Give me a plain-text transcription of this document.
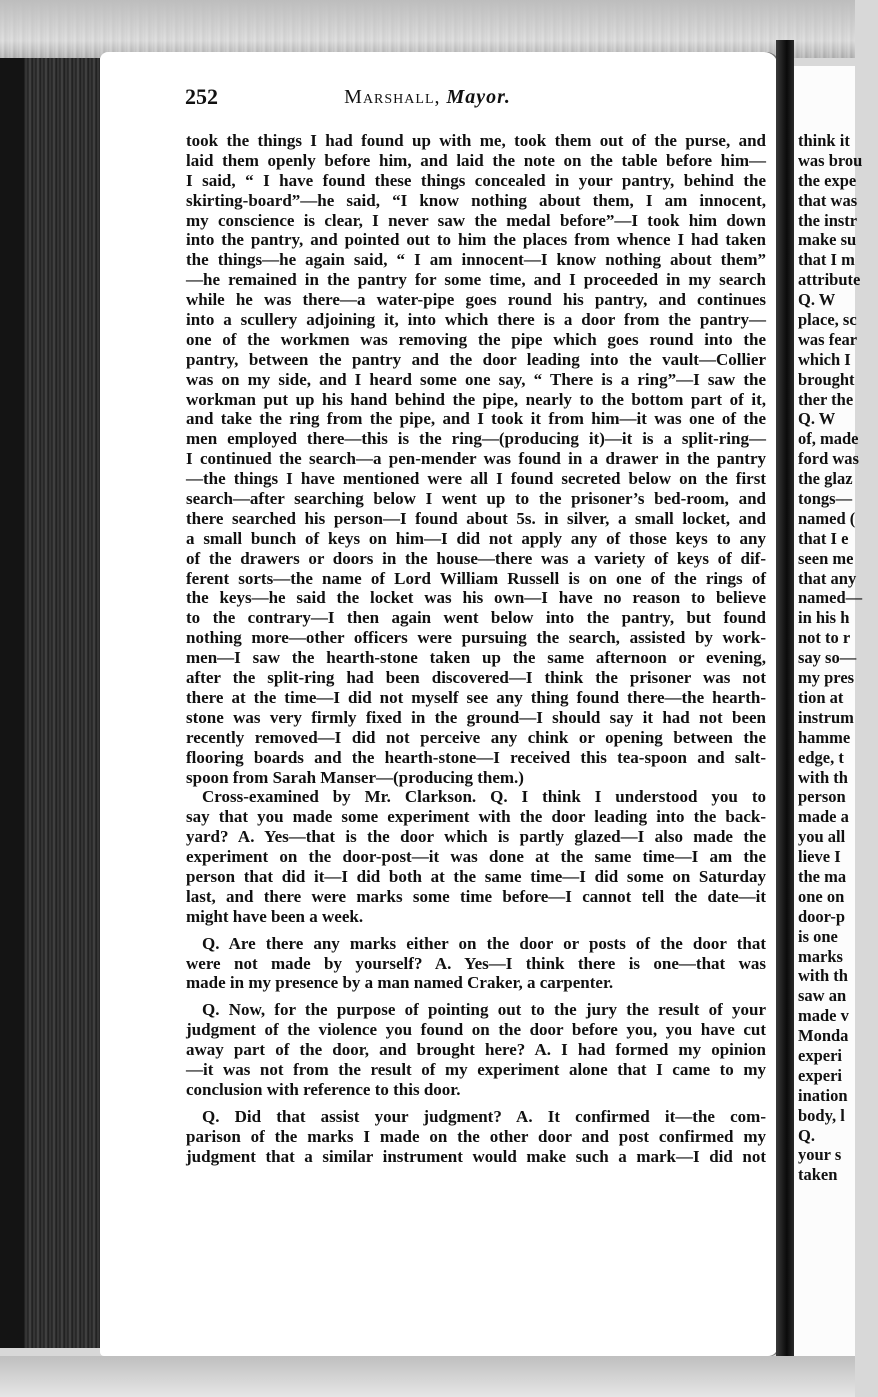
think it
was brou
the expe
that was
the instr
make su
that I m
attribute
Q. W
place, sc
was fear
which I
brought
ther the
Q. W
of, made
ford was
the glaz
tongs—
named (
that I e
seen me
that any
named—
in his h
not to r
say so—
my pres
tion at
instrum
hamme
edge, t
with th
person
made a
you all
lieve I
the ma
one on
door-p
is one
marks
with th
saw an
made v
Monda
experi
experi
ination
body, l
Q.
your s
taken
252	Marshall, Mayor.
took the things I had found up with me, took them out of the purse, and
laid them openly before him, and laid the note on the table before him—
I said, “ I have found these things concealed in your pantry, behind the
skirting-board”—he said, “I know nothing about them, I am innocent,
my conscience is clear, I never saw the medal before”—I took him down
into the pantry, and pointed out to him the places from whence I had taken
the things—he again said, “ I am innocent—I know nothing about them”
—he remained in the pantry for some time, and I proceeded in my search
while he was there—a water-pipe goes round his pantry, and continues
into a scullery adjoining it, into which there is a door from the pantry—
one of the workmen was removing the pipe which goes round into the
pantry, between the pantry and the door leading into the vault—Collier
was on my side, and I heard some one say, “ There is a ring”—I saw the
workman put up his hand behind the pipe, nearly to the bottom part of it,
and take the ring from the pipe, and I took it from him—it was one of the
men employed there—this is the ring—(producing it)—it is a split-ring—
I continued the search—a pen-mender was found in a drawer in the pantry
—the things I have mentioned were all I found secreted below on the first
search—after searching below I went up to the prisoner’s bed-room, and
there searched his person—I found about 5s. in silver, a small locket, and
a small bunch of keys on him—I did not apply any of those keys to any
of the drawers or doors in the house—there was a variety of keys of dif-
ferent sorts—the name of Lord William Russell is on one of the rings of
the keys—he said the locket was his own—I have no reason to believe
to the contrary—I then again went below into the pantry, but found
nothing more—other officers were pursuing the search, assisted by work-
men—I saw the hearth-stone taken up the same afternoon or evening,
after the split-ring had been discovered—I think the prisoner was not
there at the time—I did not myself see any thing found there—the hearth-
stone was very firmly fixed in the ground—I should say it had not been
recently removed—I did not perceive any chink or opening between the
flooring boards and the hearth-stone—I received this tea-spoon and salt-
spoon from Sarah Manser—(producing them.)
Cross-examined by Mr. Clarkson. Q. I think I understood you to
say that you made some experiment with the door leading into the back-
yard? A. Yes—that is the door which is partly glazed—I also made the
experiment on the door-post—it was done at the same time—I am the
person that did it—I did both at the same time—I did some on Saturday
last, and there were marks some time before—I cannot tell the date—it
might have been a week.
Q. Are there any marks either on the door or posts of the door that
were not made by yourself? A. Yes—I think there is one—that was
made in my presence by a man named Craker, a carpenter.
Q. Now, for the purpose of pointing out to the jury the result of your
judgment of the violence you found on the door before you, you have cut
away part of the door, and brought here? A. I had formed my opinion
—it was not from the result of my experiment alone that I came to my
conclusion with reference to this door.
Q. Did that assist your judgment? A. It confirmed it—the com-
parison of the marks I made on the other door and post confirmed my
judgment that a similar instrument would make such a mark—I did not
